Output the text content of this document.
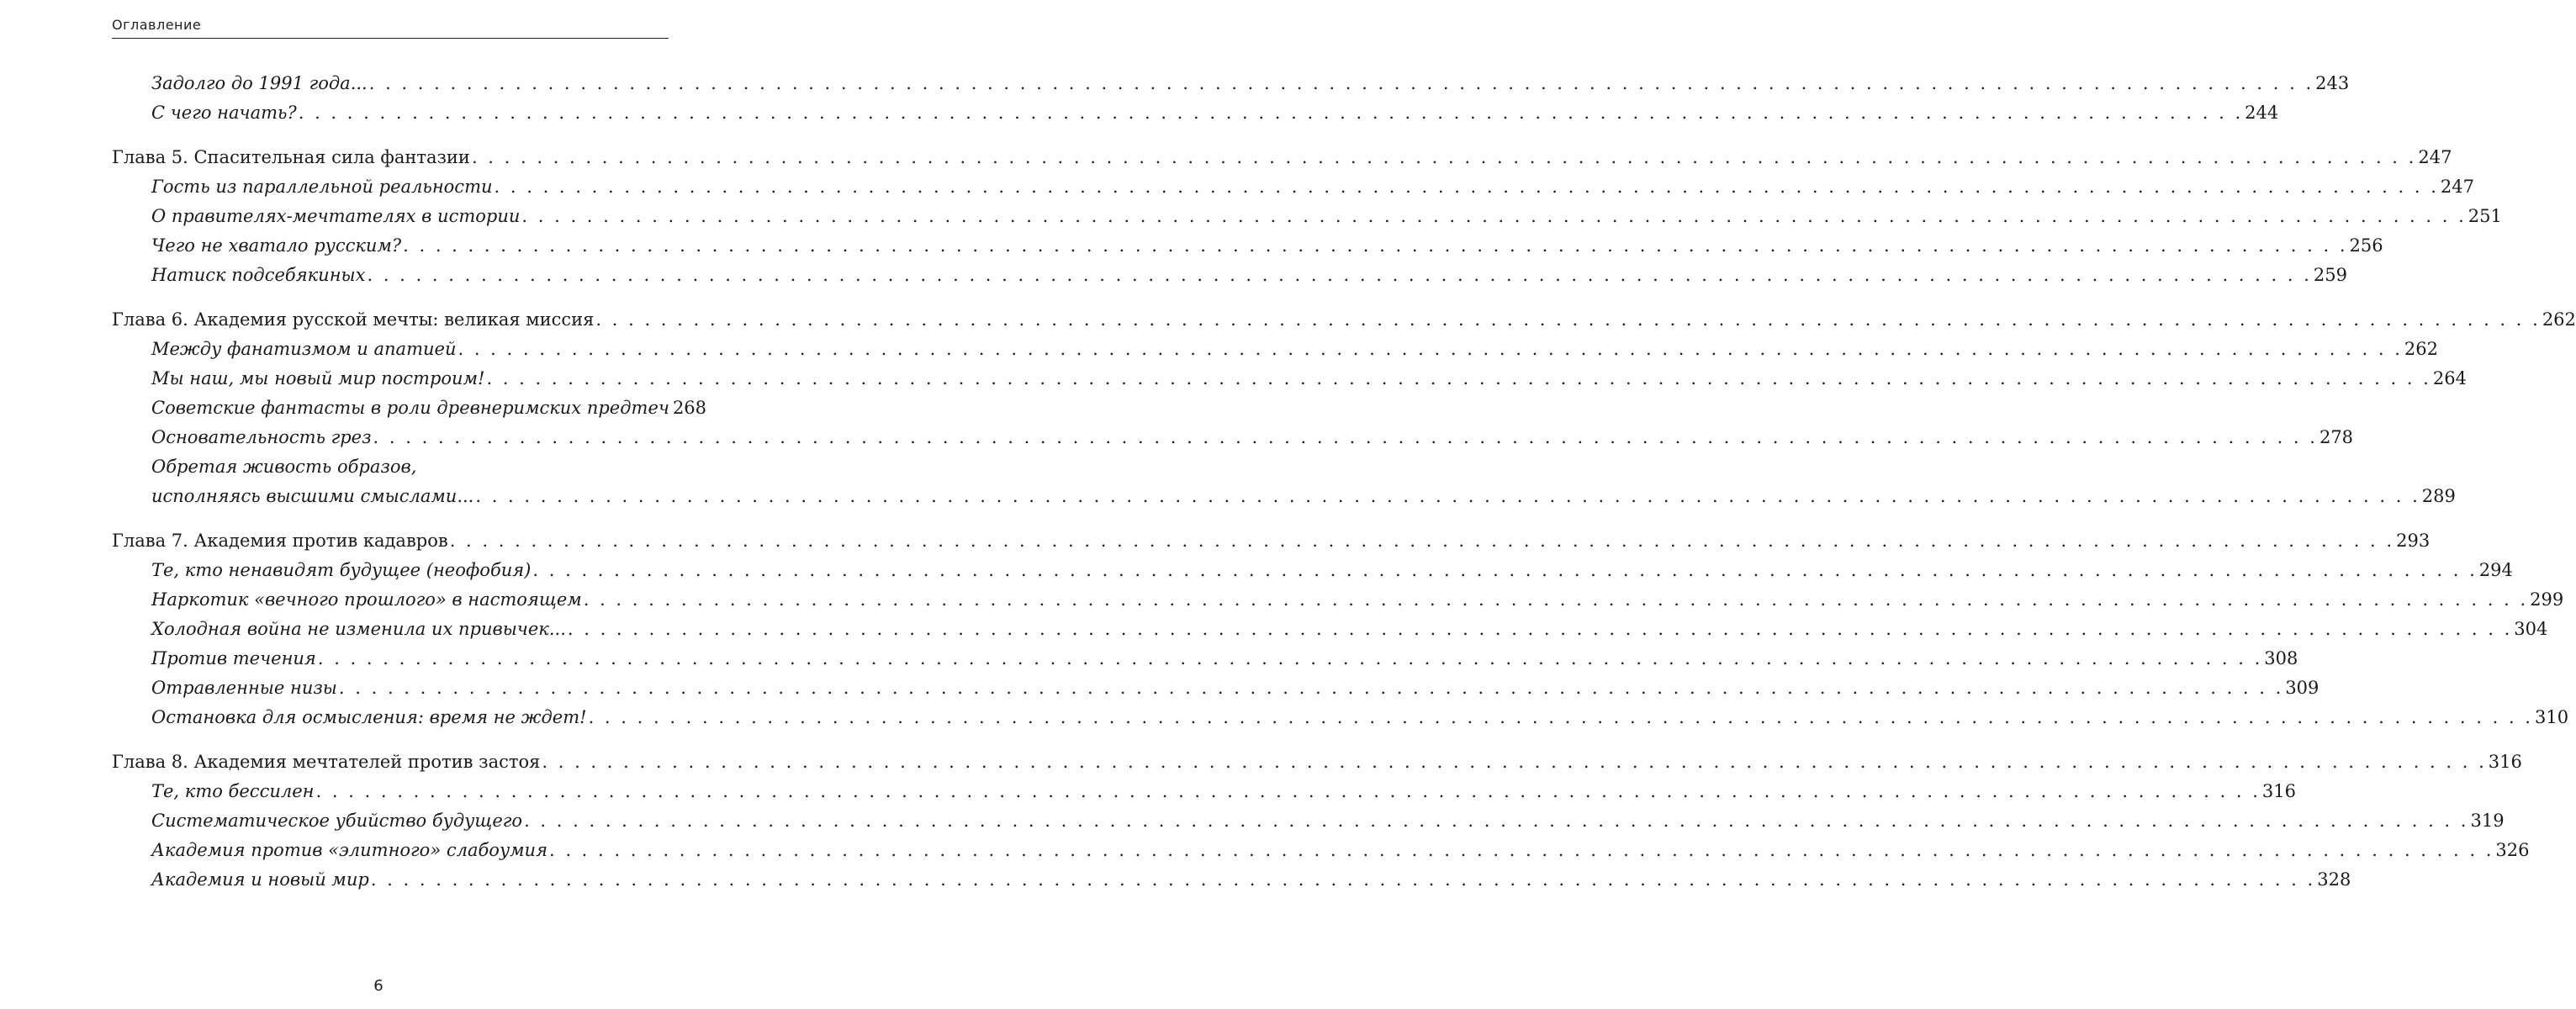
Оглавление
Задолго до 1991 года... . . . . . . . . . . . . . . . . . . . . . . . . . . . . . . . . . . . . . . . . . . . . . . . . . . . . . . . . . . . . . . . . . . . . . . . . . . . . . . . . . . . . . . . . . . . . . . . . . . . . . . . . . . . . . . . . . . . . . . . . 243
С чего начать? . . . . . . . . . . . . . . . . . . . . . . . . . . . . . . . . . . . . . . . . . . . . . . . . . . . . . . . . . . . . . . . . . . . . . . . . . . . . . . . . . . . . . . . . . . . . . . . . . . . . . . . . . . . . . . . . . . . . . . . . 244
Глава 5. Спасительная сила фантазии . . . . . . . . . . . . . . . . . . . . . . . . . . . . . . . . . . . . . . . . . . . . . . . . . . . . . . . . . . . . . . . . . . . . . . . . . . . . . . . . . . . . . . . . . . . . . . . . . . . . . . . . . . . . . . . . . . . . . . . . 247
Гость из параллельной реальности . . . . . . . . . . . . . . . . . . . . . . . . . . . . . . . . . . . . . . . . . . . . . . . . . . . . . . . . . . . . . . . . . . . . . . . . . . . . . . . . . . . . . . . . . . . . . . . . . . . . . . . . . . . . . . . . . . . . . . . . 247
О правителях-мечтателях в истории . . . . . . . . . . . . . . . . . . . . . . . . . . . . . . . . . . . . . . . . . . . . . . . . . . . . . . . . . . . . . . . . . . . . . . . . . . . . . . . . . . . . . . . . . . . . . . . . . . . . . . . . . . . . . . . . . . . . . . . . 251
Чего не хватало русским? . . . . . . . . . . . . . . . . . . . . . . . . . . . . . . . . . . . . . . . . . . . . . . . . . . . . . . . . . . . . . . . . . . . . . . . . . . . . . . . . . . . . . . . . . . . . . . . . . . . . . . . . . . . . . . . . . . . . . . . . 256
Натиск подсебякиных . . . . . . . . . . . . . . . . . . . . . . . . . . . . . . . . . . . . . . . . . . . . . . . . . . . . . . . . . . . . . . . . . . . . . . . . . . . . . . . . . . . . . . . . . . . . . . . . . . . . . . . . . . . . . . . . . . . . . . . . 259
Глава 6. Академия русской мечты: великая миссия . . . . . . . . . . . . . . . . . . . . . . . . . . . . . . . . . . . . . . . . . . . . . . . . . . . . . . . . . . . . . . . . . . . . . . . . . . . . . . . . . . . . . . . . . . . . . . . . . . . . . . . . . . . . . . . . . . . . . . . . 262
Между фанатизмом и апатией . . . . . . . . . . . . . . . . . . . . . . . . . . . . . . . . . . . . . . . . . . . . . . . . . . . . . . . . . . . . . . . . . . . . . . . . . . . . . . . . . . . . . . . . . . . . . . . . . . . . . . . . . . . . . . . . . . . . . . . . 262
Мы наш, мы новый мир построим! . . . . . . . . . . . . . . . . . . . . . . . . . . . . . . . . . . . . . . . . . . . . . . . . . . . . . . . . . . . . . . . . . . . . . . . . . . . . . . . . . . . . . . . . . . . . . . . . . . . . . . . . . . . . . . . . . . . . . . . . 264
Советские фантасты в роли древнеримских предтеч 268
Основательность грез . . . . . . . . . . . . . . . . . . . . . . . . . . . . . . . . . . . . . . . . . . . . . . . . . . . . . . . . . . . . . . . . . . . . . . . . . . . . . . . . . . . . . . . . . . . . . . . . . . . . . . . . . . . . . . . . . . . . . . . . 278
Обретая живость образов,
исполняясь высшими смыслами... . . . . . . . . . . . . . . . . . . . . . . . . . . . . . . . . . . . . . . . . . . . . . . . . . . . . . . . . . . . . . . . . . . . . . . . . . . . . . . . . . . . . . . . . . . . . . . . . . . . . . . . . . . . . . . . . . . . . . . . . 289
Глава 7. Академия против кадавров . . . . . . . . . . . . . . . . . . . . . . . . . . . . . . . . . . . . . . . . . . . . . . . . . . . . . . . . . . . . . . . . . . . . . . . . . . . . . . . . . . . . . . . . . . . . . . . . . . . . . . . . . . . . . . . . . . . . . . . . 293
Те, кто ненавидят будущее (неофобия) . . . . . . . . . . . . . . . . . . . . . . . . . . . . . . . . . . . . . . . . . . . . . . . . . . . . . . . . . . . . . . . . . . . . . . . . . . . . . . . . . . . . . . . . . . . . . . . . . . . . . . . . . . . . . . . . . . . . . . . . 294
Наркотик «вечного прошлого» в настоящем . . . . . . . . . . . . . . . . . . . . . . . . . . . . . . . . . . . . . . . . . . . . . . . . . . . . . . . . . . . . . . . . . . . . . . . . . . . . . . . . . . . . . . . . . . . . . . . . . . . . . . . . . . . . . . . . . . . . . . . . 299
Холодная война не изменила их привычек... . . . . . . . . . . . . . . . . . . . . . . . . . . . . . . . . . . . . . . . . . . . . . . . . . . . . . . . . . . . . . . . . . . . . . . . . . . . . . . . . . . . . . . . . . . . . . . . . . . . . . . . . . . . . . . . . . . . . . . . . 304
Против течения . . . . . . . . . . . . . . . . . . . . . . . . . . . . . . . . . . . . . . . . . . . . . . . . . . . . . . . . . . . . . . . . . . . . . . . . . . . . . . . . . . . . . . . . . . . . . . . . . . . . . . . . . . . . . . . . . . . . . . . . 308
Отравленные низы . . . . . . . . . . . . . . . . . . . . . . . . . . . . . . . . . . . . . . . . . . . . . . . . . . . . . . . . . . . . . . . . . . . . . . . . . . . . . . . . . . . . . . . . . . . . . . . . . . . . . . . . . . . . . . . . . . . . . . . . 309
Остановка для осмысления: время не ждет! . . . . . . . . . . . . . . . . . . . . . . . . . . . . . . . . . . . . . . . . . . . . . . . . . . . . . . . . . . . . . . . . . . . . . . . . . . . . . . . . . . . . . . . . . . . . . . . . . . . . . . . . . . . . . . . . . . . . . . . . 310
Глава 8. Академия мечтателей против застоя . . . . . . . . . . . . . . . . . . . . . . . . . . . . . . . . . . . . . . . . . . . . . . . . . . . . . . . . . . . . . . . . . . . . . . . . . . . . . . . . . . . . . . . . . . . . . . . . . . . . . . . . . . . . . . . . . . . . . . . . 316
Те, кто бессилен . . . . . . . . . . . . . . . . . . . . . . . . . . . . . . . . . . . . . . . . . . . . . . . . . . . . . . . . . . . . . . . . . . . . . . . . . . . . . . . . . . . . . . . . . . . . . . . . . . . . . . . . . . . . . . . . . . . . . . . . 316
Систематическое убийство будущего . . . . . . . . . . . . . . . . . . . . . . . . . . . . . . . . . . . . . . . . . . . . . . . . . . . . . . . . . . . . . . . . . . . . . . . . . . . . . . . . . . . . . . . . . . . . . . . . . . . . . . . . . . . . . . . . . . . . . . . . 319
Академия против «элитного» слабоумия . . . . . . . . . . . . . . . . . . . . . . . . . . . . . . . . . . . . . . . . . . . . . . . . . . . . . . . . . . . . . . . . . . . . . . . . . . . . . . . . . . . . . . . . . . . . . . . . . . . . . . . . . . . . . . . . . . . . . . . . 326
Академия и новый мир . . . . . . . . . . . . . . . . . . . . . . . . . . . . . . . . . . . . . . . . . . . . . . . . . . . . . . . . . . . . . . . . . . . . . . . . . . . . . . . . . . . . . . . . . . . . . . . . . . . . . . . . . . . . . . . . . . . . . . . . 328
6
